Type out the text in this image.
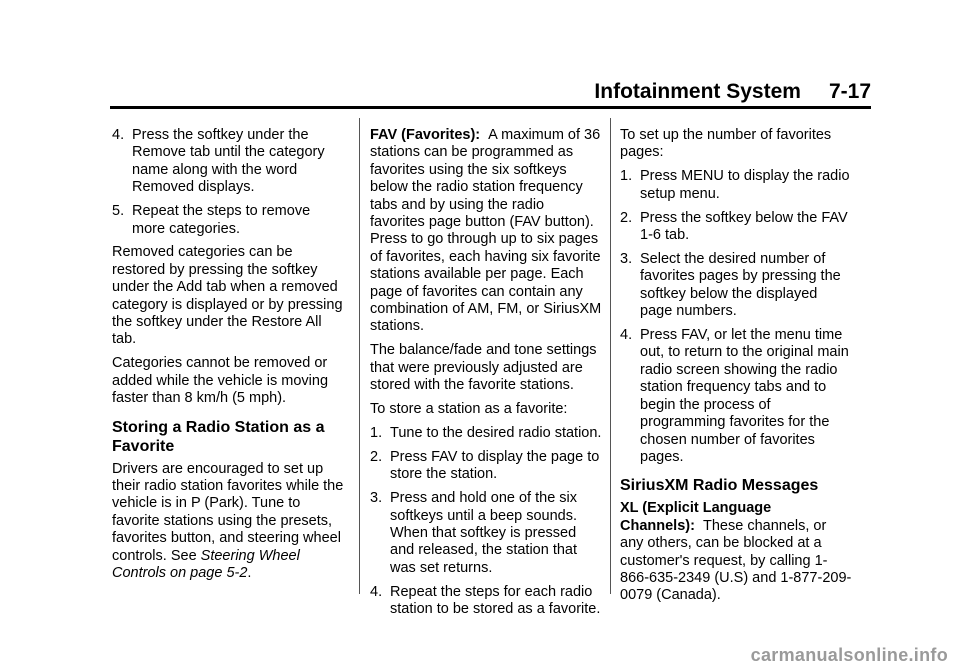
Infotainment System 7-17
4. Press the softkey under the Remove tab until the category name along with the word Removed displays.
5. Repeat the steps to remove more categories.

Removed categories can be restored by pressing the softkey under the Add tab when a removed category is displayed or by pressing the softkey under the Restore All tab.

Categories cannot be removed or added while the vehicle is moving faster than 8 km/h (5 mph).

Storing a Radio Station as a Favorite

Drivers are encouraged to set up their radio station favorites while the vehicle is in P (Park). Tune to favorite stations using the presets, favorites button, and steering wheel controls. See Steering Wheel Controls on page 5-2.

FAV (Favorites): A maximum of 36 stations can be programmed as favorites using the six softkeys below the radio station frequency tabs and by using the radio favorites page button (FAV button). Press to go through up to six pages of favorites, each having six favorite stations available per page. Each page of favorites can contain any combination of AM, FM, or SiriusXM stations.

The balance/fade and tone settings that were previously adjusted are stored with the favorite stations.

To store a station as a favorite:

1. Tune to the desired radio station.
2. Press FAV to display the page to store the station.
3. Press and hold one of the six softkeys until a beep sounds. When that softkey is pressed and released, the station that was set returns.
4. Repeat the steps for each radio station to be stored as a favorite.

To set up the number of favorites pages:

1. Press MENU to display the radio setup menu.
2. Press the softkey below the FAV 1-6 tab.
3. Select the desired number of favorites pages by pressing the softkey below the displayed page numbers.
4. Press FAV, or let the menu time out, to return to the original main radio screen showing the radio station frequency tabs and to begin the process of programming favorites for the chosen number of favorites pages.
SiriusXM Radio Messages

XL (Explicit Language Channels): These channels, or any others, can be blocked at a customer's request, by calling 1-866-635-2349 (U.S) and 1-877-209-0079 (Canada).

carmanualsonline.info
